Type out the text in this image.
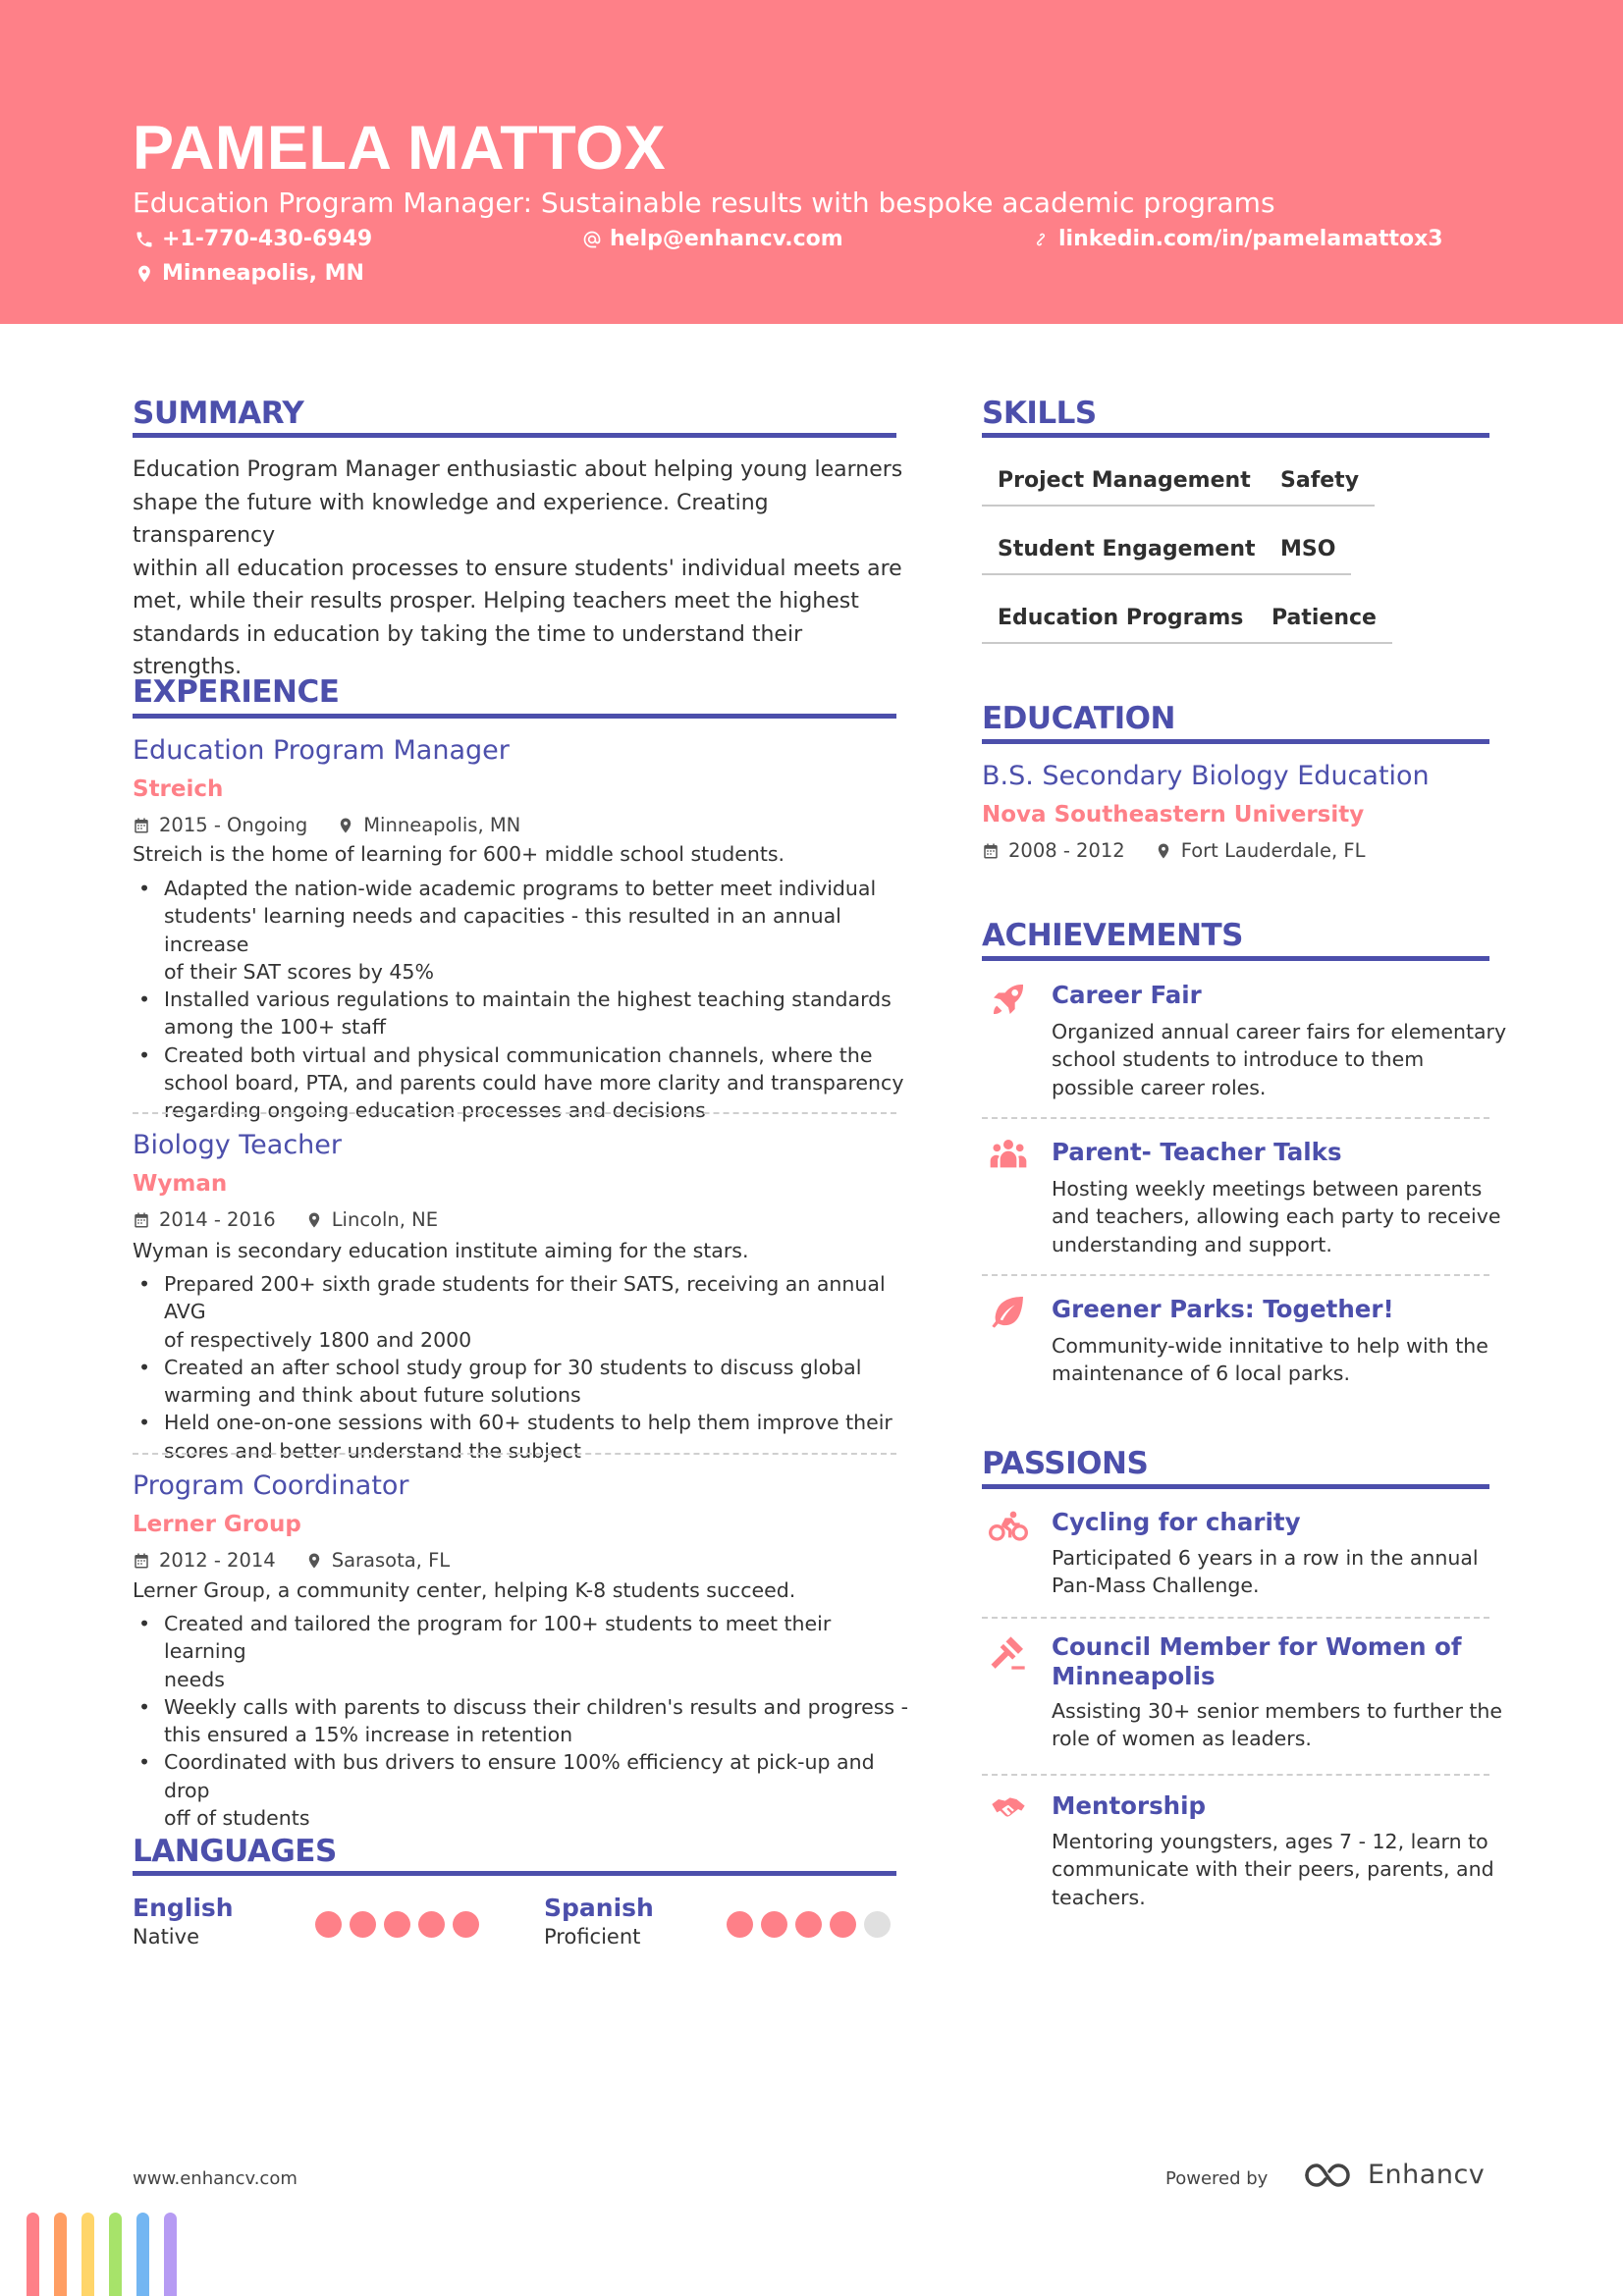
PAMELA MATTOX
Education Program Manager: Sustainable results with bespoke academic programs
+1-770-430-6949	help@enhancv.com	linkedin.com/in/pamelamattox3
Minneapolis, MN
SUMMARY
Education Program Manager enthusiastic about helping young learners
shape the future with knowledge and experience. Creating transparency
within all education processes to ensure students' individual meets are
met, while their results prosper. Helping teachers meet the highest
standards in education by taking the time to understand their strengths.
EXPERIENCE
Education Program Manager
Streich
2015 - Ongoing	Minneapolis, MN
Streich is the home of learning for 600+ middle school students.
• Adapted the nation-wide academic programs to better meet individual
students' learning needs and capacities - this resulted in an annual increase
of their SAT scores by 45%
• Installed various regulations to maintain the highest teaching standards
among the 100+ staff
• Created both virtual and physical communication channels, where the
school board, PTA, and parents could have more clarity and transparency
regarding ongoing education processes and decisions
Biology Teacher
Wyman
2014 - 2016	Lincoln, NE
Wyman is secondary education institute aiming for the stars.
• Prepared 200+ sixth grade students for their SATS, receiving an annual AVG
of respectively 1800 and 2000
• Created an after school study group for 30 students to discuss global
warming and think about future solutions
• Held one-on-one sessions with 60+ students to help them improve their
scores and better understand the subject
Program Coordinator
Lerner Group
2012 - 2014	Sarasota, FL
Lerner Group, a community center, helping K-8 students succeed.
• Created and tailored the program for 100+ students to meet their learning
needs
• Weekly calls with parents to discuss their children's results and progress -
this ensured a 15% increase in retention
• Coordinated with bus drivers to ensure 100% efficiency at pick-up and drop
off of students
LANGUAGES
English
Native
Spanish
Proficient
SKILLS
Project Management	Safety
Student Engagement	MSO
Education Programs	Patience
EDUCATION
B.S. Secondary Biology Education
Nova Southeastern University
2008 - 2012	Fort Lauderdale, FL
ACHIEVEMENTS
Career Fair
Organized annual career fairs for elementary
school students to introduce to them
possible career roles.
Parent- Teacher Talks
Hosting weekly meetings between parents
and teachers, allowing each party to receive
understanding and support.
Greener Parks: Together!
Community-wide innitative to help with the
maintenance of 6 local parks.
PASSIONS
Cycling for charity
Participated 6 years in a row in the annual
Pan-Mass Challenge.
Council Member for Women of
Minneapolis
Assisting 30+ senior members to further the
role of women as leaders.
Mentorship
Mentoring youngsters, ages 7 - 12, learn to
communicate with their peers, parents, and
teachers.
www.enhancv.com	Powered by	Enhancv
